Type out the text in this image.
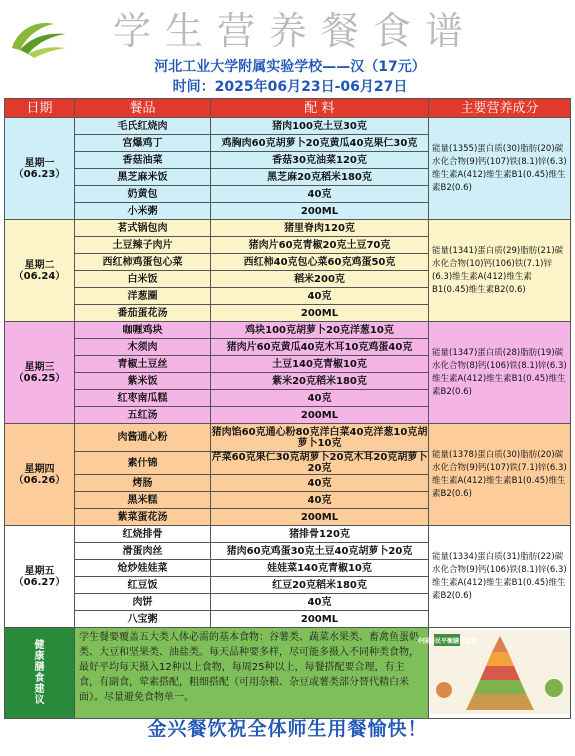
学生营养餐食谱
河北工业大学附属实验学校——汉（17元）
时间：2025年06月23日-06月27日
日期	餐品	配 料	主要营养成分

星期一
（06.23）	毛氏红烧肉	猪肉100克土豆30克	能量(1355)蛋白质(30)脂肪(20)碳水化合物(9)钙(107)铁(8.1)锌(6.3)维生素A(412)维生素B1(0.45)维生素B2(0.6)
	宫爆鸡丁	鸡胸肉60克胡萝卜20克黄瓜40克果仁30克	
	香菇油菜	香菇30克油菜120克	
	黑芝麻米饭	黑芝麻20克稻米180克	
	奶黄包	40克	
	小米粥	200ML	

星期二
（06.24）	茗式锅包肉	猪里脊肉120克	能量(1341)蛋白质(29)脂肪(21)碳水化合物(10)钙(106)铁(7.1)锌(6.3)维生素A(412)维生素B1(0.45)维生素B2(0.6)
	土豆辣子肉片	猪肉片60克青椒20克土豆70克	
	西红柿鸡蛋包心菜	西红柿40克包心菜60克鸡蛋50克	
	白米饭	稻米200克	
	洋葱圈	40克	
	番茄蛋花汤	200ML	

星期三
（06.25）	咖喱鸡块	鸡块100克胡萝卜20克洋葱10克	能量(1347)蛋白质(28)脂肪(19)碳水化合物(8)钙(106)铁(8.1)锌(6.3)维生素A(412)维生素B1(0.45)维生素B2(0.6)
	木须肉	猪肉片60克黄瓜40克木耳10克鸡蛋40克	
	青椒土豆丝	土豆140克青椒10克	
	紫米饭	紫米20克稻米180克	
	红枣南瓜糕	40克	
	五红汤	200ML	

星期四
（06.26）	肉酱通心粉	猪肉馅60克通心粉80克洋白菜40克洋葱10克胡萝卜10克	能量(1378)蛋白质(30)脂肪(20)碳水化合物(9)钙(107)铁(7.1)锌(6.3)维生素A(412)维生素B1(0.45)维生素B2(0.6)
	素什锦	芹菜60克果仁30克胡萝卜20克木耳20克胡萝卜20克	
	烤肠	40克	
	黑米糕	40克	
	紫菜蛋花汤	200ML	

星期五
（06.27）	红烧排骨	猪排骨120克	能量(1334)蛋白质(31)脂肪(22)碳水化合物(9)钙(106)铁(8.1)锌(6.3)维生素A(412)维生素B1(0.45)维生素B2(0.6)
	滑蛋肉丝	猪肉60克鸡蛋30克土豆40克胡萝卜20克	
	炝炒娃娃菜	娃娃菜140克青椒10克	
	红豆饭	红豆20克稻米180克	
	肉饼	40克	
	八宝粥	200ML	

健康
膳食
建议	学生餐要覆盖五大类人体必需的基本食物：谷薯类、蔬菜水果类、畜禽鱼蛋奶类、大豆和坚果类、油盐类。每天品种要多样，尽可能多摄入不同种类食物，最好平均每天摄入12种以上食物，每周25种以上，每餐搭配要合理，有主食，有副食，荤素搭配，粗细搭配（可用杂粮、杂豆或薯类部分替代精白米面）。尽量避免食物单一。		中国居民平衡膳食宝塔
金兴餐饮祝全体师生用餐愉快！
